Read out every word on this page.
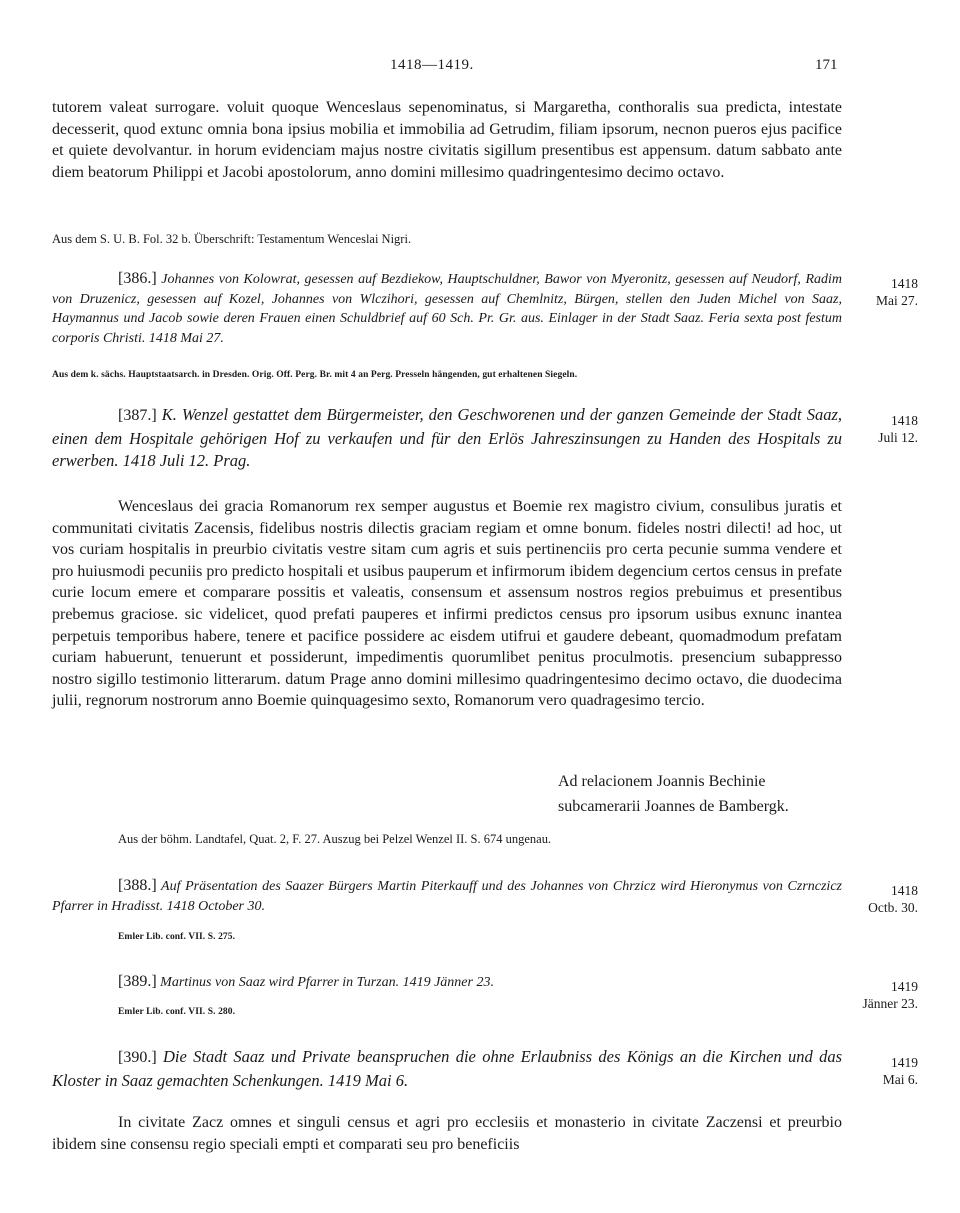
1418—1419.	171

tutorem valeat surrogare. voluit quoque Wenceslaus sepenominatus, si Margaretha, conthoralis sua predicta, intestate decesserit, quod extunc omnia bona ipsius mobilia et immobilia ad Getrudim, filiam ipsorum, necnon pueros ejus pacifice et quiete devolvantur. in horum evidenciam majus nostre civitatis sigillum presentibus est appensum. datum sabbato ante diem beatorum Philippi et Jacobi apostolorum, anno domini millesimo quadringentesimo decimo octavo.

Aus dem S. U. B. Fol. 32 b. Überschrift: Testamentum Wenceslai Nigri.

[386.] Johannes von Kolowrat, gesessen auf Bezdiekow, Hauptschuldner, Bawor von Myeronitz, gesessen auf Neudorf, Radim von Druzenicz, gesessen auf Kozel, Johannes von Wlczihori, gesessen auf Chemlnitz, Bürgen, stellen den Juden Michel von Saaz, Haymannus und Jacob sowie deren Frauen einen Schuldbrief auf 60 Sch. Pr. Gr. aus. Einlager in der Stadt Saaz. Feria sexta post festum corporis Christi. 1418 Mai 27.

1418
Mai 27.

Aus dem k. sächs. Hauptstaatsarch. in Dresden. Orig. Off. Perg. Br. mit 4 an Perg. Presseln hängenden, gut erhaltenen Siegeln.

[387.] K. Wenzel gestattet dem Bürgermeister, den Geschworenen und der ganzen Gemeinde der Stadt Saaz, einen dem Hospitale gehörigen Hof zu verkaufen und für den Erlös Jahreszinsungen zu Handen des Hospitals zu erwerben. 1418 Juli 12. Prag.

1418
Juli 12.

Wenceslaus dei gracia Romanorum rex semper augustus et Boemie rex magistro civium, consulibus juratis et communitati civitatis Zacensis, fidelibus nostris dilectis graciam regiam et omne bonum. fideles nostri dilecti! ad hoc, ut vos curiam hospitalis in preurbio civitatis vestre sitam cum agris et suis pertinenciis pro certa pecunie summa vendere et pro huiusmodi pecuniis pro predicto hospitali et usibus pauperum et infirmorum ibidem degencium certos census in prefate curie locum emere et comparare possitis et valeatis, consensum et assensum nostros regios prebuimus et presentibus prebemus graciose. sic videlicet, quod prefati pauperes et infirmi predictos census pro ipsorum usibus exnunc inantea perpetuis temporibus habere, tenere et pacifice possidere ac eisdem utifrui et gaudere debeant, quomadmodum prefatam curiam habuerunt, tenuerunt et possiderunt, impedimentis quorumlibet penitus proculmotis. presencium subappresso nostro sigillo testimonio litterarum. datum Prage anno domini millesimo quadringentesimo decimo octavo, die duodecima julii, regnorum nostrorum anno Boemie quinquagesimo sexto, Romanorum vero quadragesimo tercio.

Ad relacionem Joannis Bechinie
subcamerarii Joannes de Bambergk.

Aus der böhm. Landtafel, Quat. 2, F. 27. Auszug bei Pelzel Wenzel II. S. 674 ungenau.

[388.] Auf Präsentation des Saazer Bürgers Martin Piterkauff und des Johannes von Chrzicz wird Hieronymus von Czrnczicz Pfarrer in Hradisst. 1418 October 30.

1418
Octb. 30.

Emler Lib. conf. VII. S. 275.

[389.] Martinus von Saaz wird Pfarrer in Turzan. 1419 Jänner 23.	1419
Jänner 23.

Emler Lib. conf. VII. S. 280.

[390.] Die Stadt Saaz und Private beanspruchen die ohne Erlaubniss des Königs an die Kirchen und das Kloster in Saaz gemachten Schenkungen. 1419 Mai 6.

1419
Mai 6.

In civitate Zacz omnes et singuli census et agri pro ecclesiis et monasterio in civitate Zaczensi et preurbio ibidem sine consensu regio speciali empti et comparati seu pro beneficiis
